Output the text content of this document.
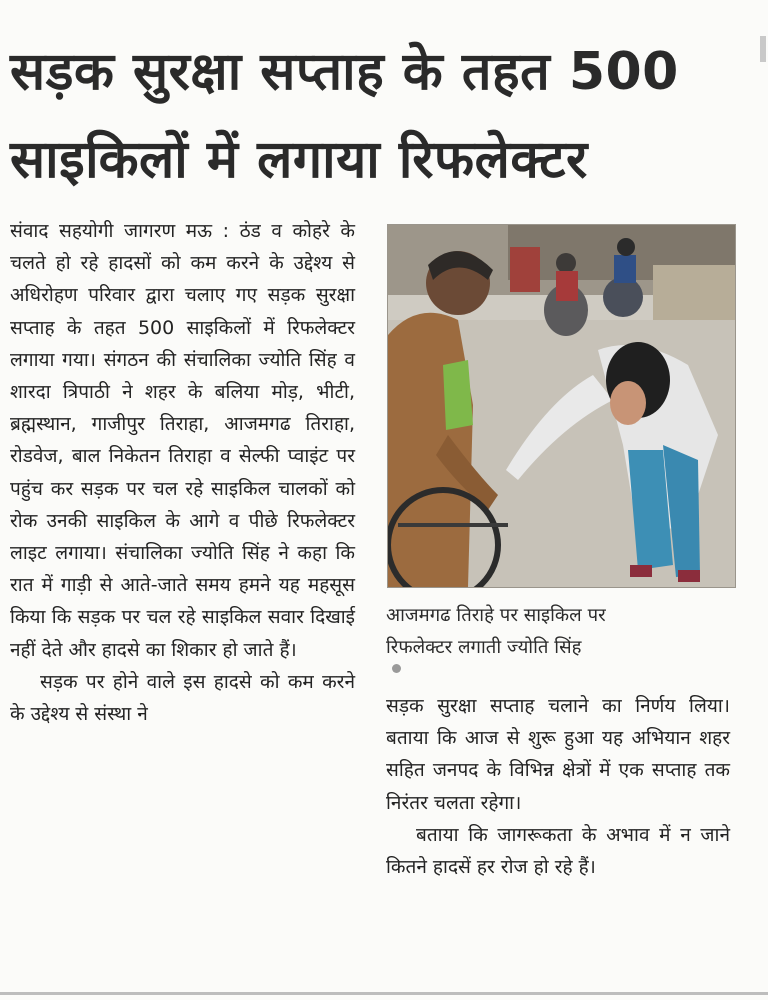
सड़क सुरक्षा सप्ताह के तहत 500
साइकिलों में लगाया रिफलेक्टर

संवाद सहयोगी जागरण मऊ : ठंड व कोहरे के चलते हो रहे हादसों को कम करने के उद्देश्य से अधिरोहण परिवार द्वारा चलाए गए सड़क सुरक्षा सप्ताह के तहत 500 साइकिलों में रिफलेक्टर लगाया गया। संगठन की संचालिका ज्योति सिंह व शारदा त्रिपाठी ने शहर के बलिया मोड़, भीटी, ब्रह्मस्थान, गाजीपुर तिराहा, आजमगढ तिराहा, रोडवेज, बाल निकेतन तिराहा व सेल्फी प्वाइंट पर पहुंच कर सड़क पर चल रहे साइकिल चालकों को रोक उनकी साइकिल के आगे व पीछे रिफलेक्टर लाइट लगाया। संचालिका ज्योति सिंह ने कहा कि रात में गाड़ी से आते-जाते समय हमने यह महसूस किया कि सड़क पर चल रहे साइकिल सवार दिखाई नहीं देते और हादसे का शिकार हो जाते हैं।

सड़क पर होने वाले इस हादसे को कम करने के उद्देश्य से संस्था ने

आजमगढ तिराहे पर साइकिल पर
रिफलेक्टर लगाती ज्योति सिंह

सड़क सुरक्षा सप्ताह चलाने का निर्णय लिया। बताया कि आज से शुरू हुआ यह अभियान शहर सहित जनपद के विभिन्न क्षेत्रों में एक सप्ताह तक निरंतर चलता रहेगा।

बताया कि जागरूकता के अभाव में न जाने कितने हादसें हर रोज हो रहे हैं।
